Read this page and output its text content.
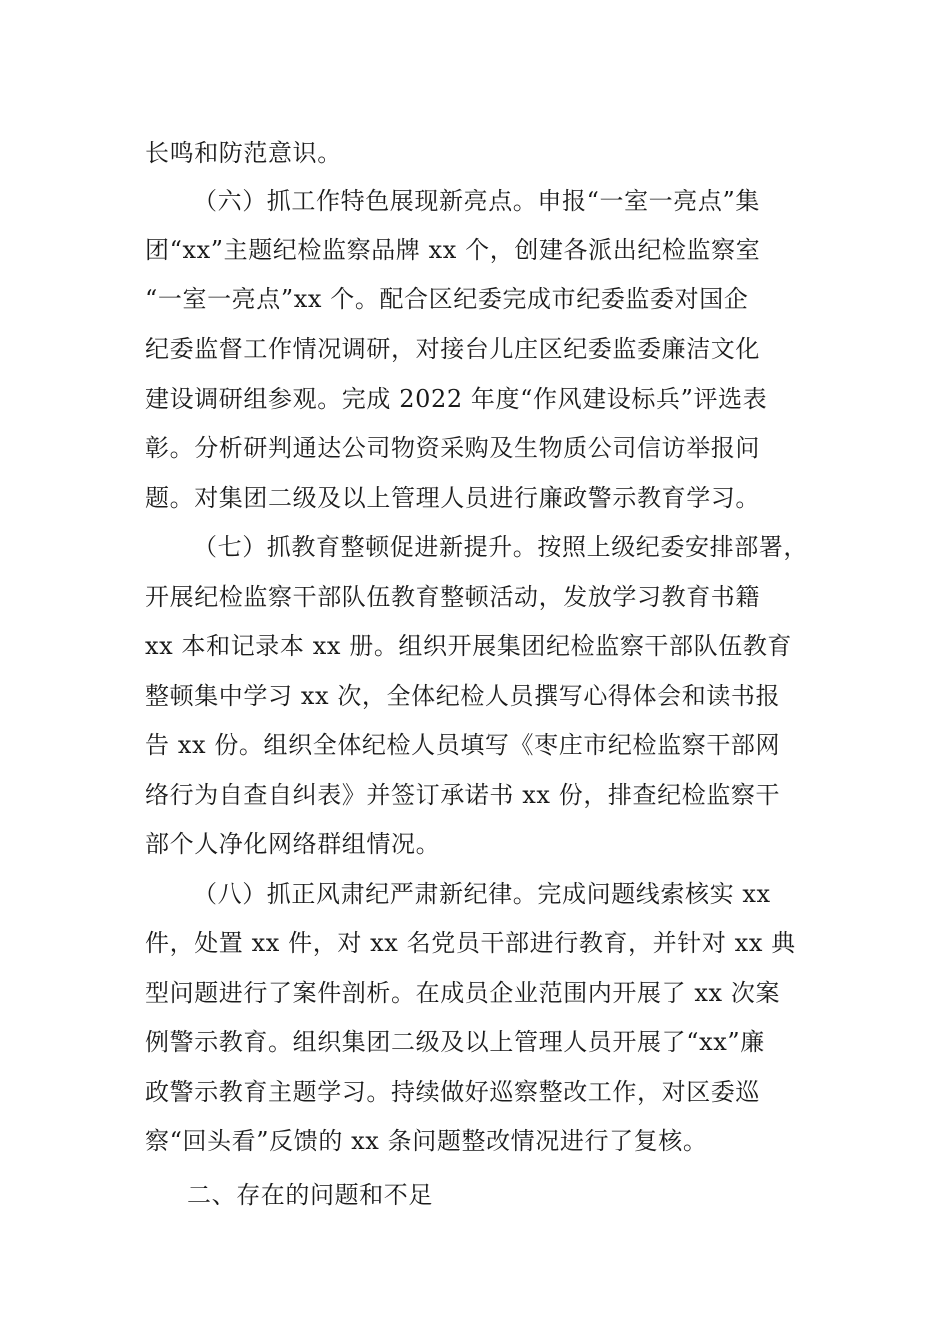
长鸣和防范意识。
（六）抓工作特色展现新亮点。申报“一室一亮点”集
团“xx”主题纪检监察品牌 xx 个，创建各派出纪检监察室
“一室一亮点”xx 个。配合区纪委完成市纪委监委对国企
纪委监督工作情况调研，对接台儿庄区纪委监委廉洁文化
建设调研组参观。完成 2022 年度“作风建设标兵”评选表
彰。分析研判通达公司物资采购及生物质公司信访举报问
题。对集团二级及以上管理人员进行廉政警示教育学习。
（七）抓教育整顿促进新提升。按照上级纪委安排部署，
开展纪检监察干部队伍教育整顿活动，发放学习教育书籍
xx 本和记录本 xx 册。组织开展集团纪检监察干部队伍教育
整顿集中学习 xx 次，全体纪检人员撰写心得体会和读书报
告 xx 份。组织全体纪检人员填写《枣庄市纪检监察干部网
络行为自查自纠表》并签订承诺书 xx 份，排查纪检监察干
部个人净化网络群组情况。
（八）抓正风肃纪严肃新纪律。完成问题线索核实 xx
件，处置 xx 件，对 xx 名党员干部进行教育，并针对 xx 典
型问题进行了案件剖析。在成员企业范围内开展了 xx 次案
例警示教育。组织集团二级及以上管理人员开展了“xx”廉
政警示教育主题学习。持续做好巡察整改工作，对区委巡
察“回头看”反馈的 xx 条问题整改情况进行了复核。
二、存在的问题和不足
